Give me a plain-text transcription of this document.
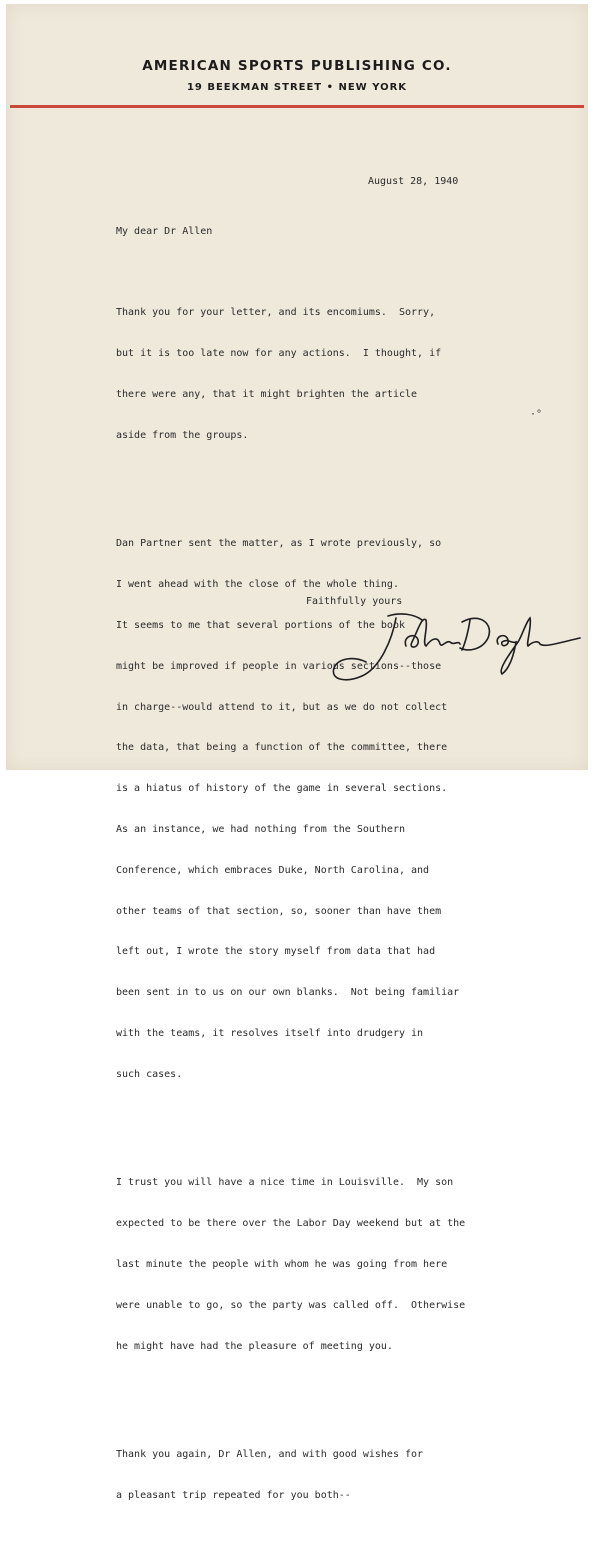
AMERICAN SPORTS PUBLISHING CO.
19 BEEKMAN STREET • NEW YORK
August 28, 1940
My dear Dr Allen

Thank you for your letter, and its encomiums.  Sorry,

but it is too late now for any actions.  I thought, if

there were any, that it might brighten the article

aside from the groups.

Dan Partner sent the matter, as I wrote previously, so

I went ahead with the close of the whole thing.

It seems to me that several portions of the book

might be improved if people in various sections--those

in charge--would attend to it, but as we do not collect

the data, that being a function of the committee, there

is a hiatus of history of the game in several sections.

As an instance, we had nothing from the Southern

Conference, which embraces Duke, North Carolina, and

other teams of that section, so, sooner than have them

left out, I wrote the story myself from data that had

been sent in to us on our own blanks.  Not being familiar

with the teams, it resolves itself into drudgery in

such cases.

I trust you will have a nice time in Louisville.  My son

expected to be there over the Labor Day weekend but at the

last minute the people with whom he was going from here

were unable to go, so the party was called off.  Otherwise

he might have had the pleasure of meeting you.

Thank you again, Dr Allen, and with good wishes for

a pleasant trip repeated for you both--

·°
Faithfully yours
